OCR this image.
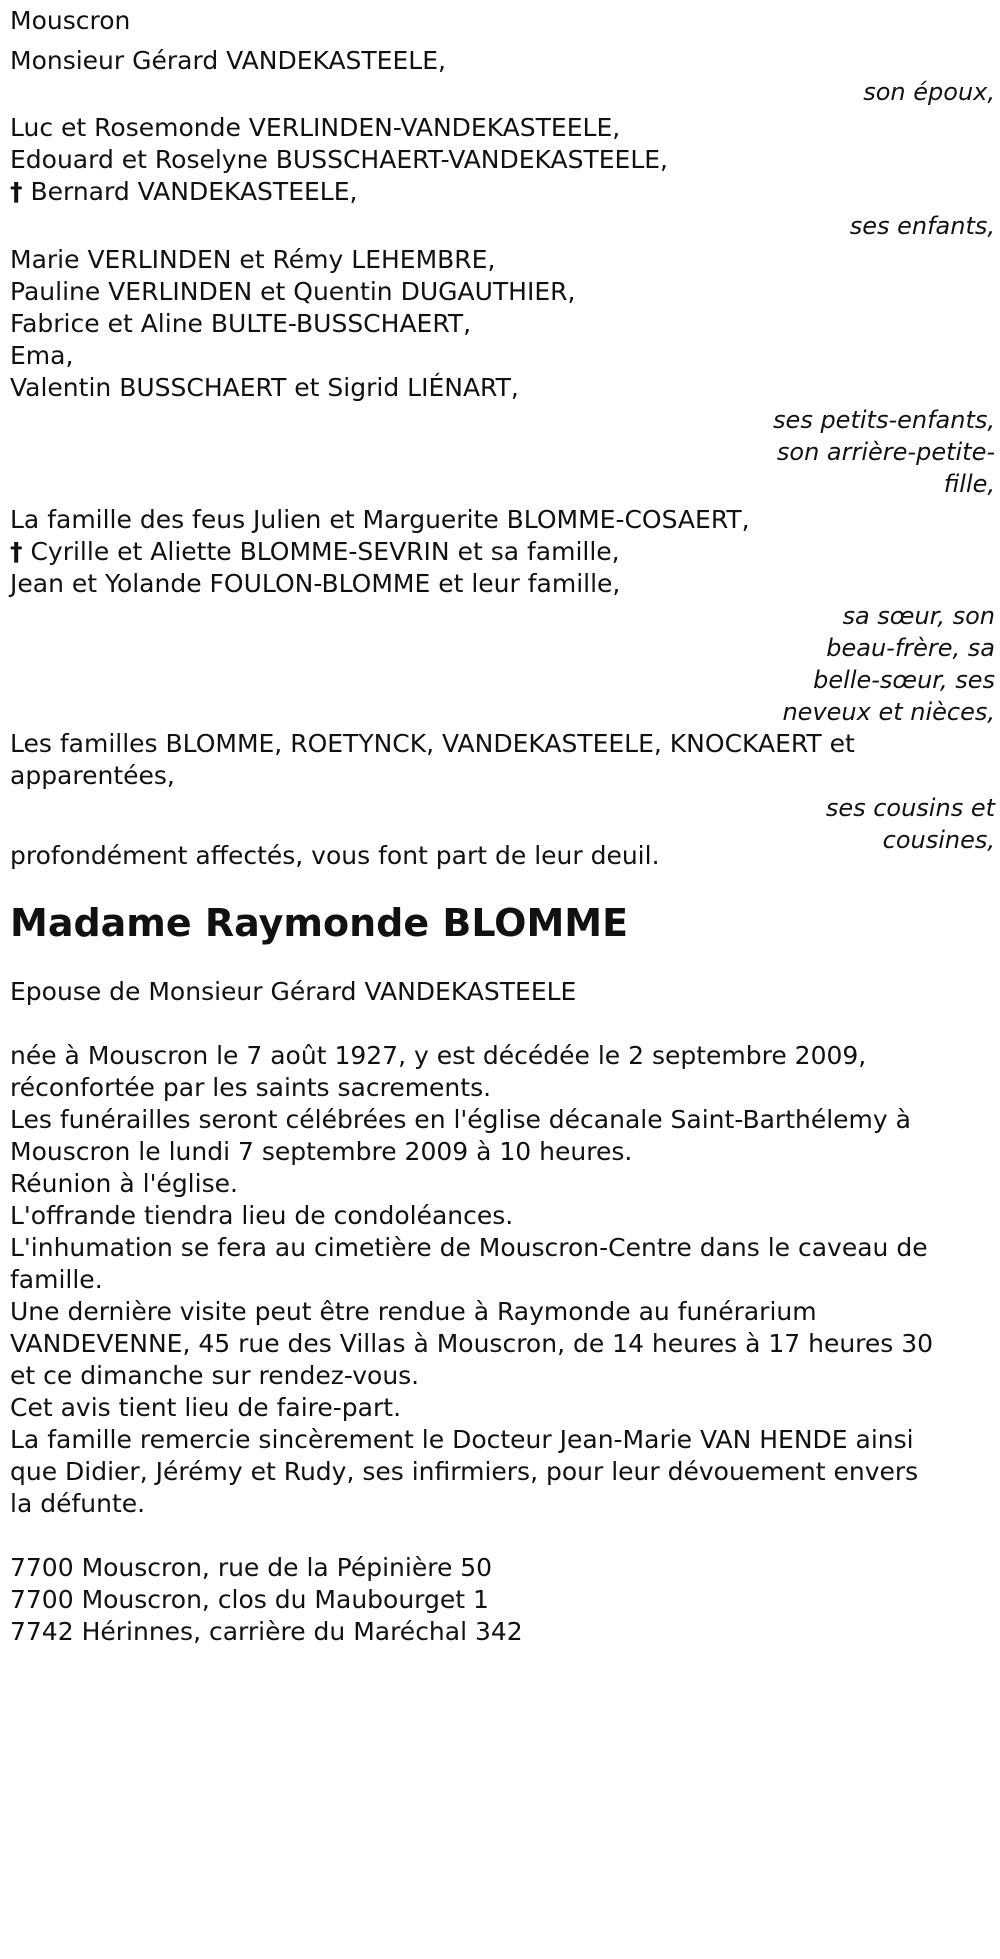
Mouscron
Monsieur Gérard VANDEKASTEELE,
son époux,
Luc et Rosemonde VERLINDEN-VANDEKASTEELE,
Edouard et Roselyne BUSSCHAERT-VANDEKASTEELE,
† Bernard VANDEKASTEELE,
ses enfants,
Marie VERLINDEN et Rémy LEHEMBRE,
Pauline VERLINDEN et Quentin DUGAUTHIER,
Fabrice et Aline BULTE-BUSSCHAERT,
Ema,
Valentin BUSSCHAERT et Sigrid LIÉNART,
ses petits-enfants,
son arrière-petite-
fille,
La famille des feus Julien et Marguerite BLOMME-COSAERT,
† Cyrille et Aliette BLOMME-SEVRIN et sa famille,
Jean et Yolande FOULON-BLOMME et leur famille,
sa sœur, son
beau-frère, sa
belle-sœur, ses
neveux et nièces,
Les familles BLOMME, ROETYNCK, VANDEKASTEELE, KNOCKAERT et
apparentées,
ses cousins et
cousines,
profondément affectés, vous font part de leur deuil.
Madame Raymonde BLOMME
Epouse de Monsieur Gérard VANDEKASTEELE
née à Mouscron le 7 août 1927, y est décédée le 2 septembre 2009,
réconfortée par les saints sacrements.
Les funérailles seront célébrées en l'église décanale Saint-Barthélemy à
Mouscron le lundi 7 septembre 2009 à 10 heures.
Réunion à l'église.
L'offrande tiendra lieu de condoléances.
L'inhumation se fera au cimetière de Mouscron-Centre dans le caveau de
famille.
Une dernière visite peut être rendue à Raymonde au funérarium
VANDEVENNE, 45 rue des Villas à Mouscron, de 14 heures à 17 heures 30
et ce dimanche sur rendez-vous.
Cet avis tient lieu de faire-part.
La famille remercie sincèrement le Docteur Jean-Marie VAN HENDE ainsi
que Didier, Jérémy et Rudy, ses infirmiers, pour leur dévouement envers
la défunte.
7700 Mouscron, rue de la Pépinière 50
7700 Mouscron, clos du Maubourget 1
7742 Hérinnes, carrière du Maréchal 342
